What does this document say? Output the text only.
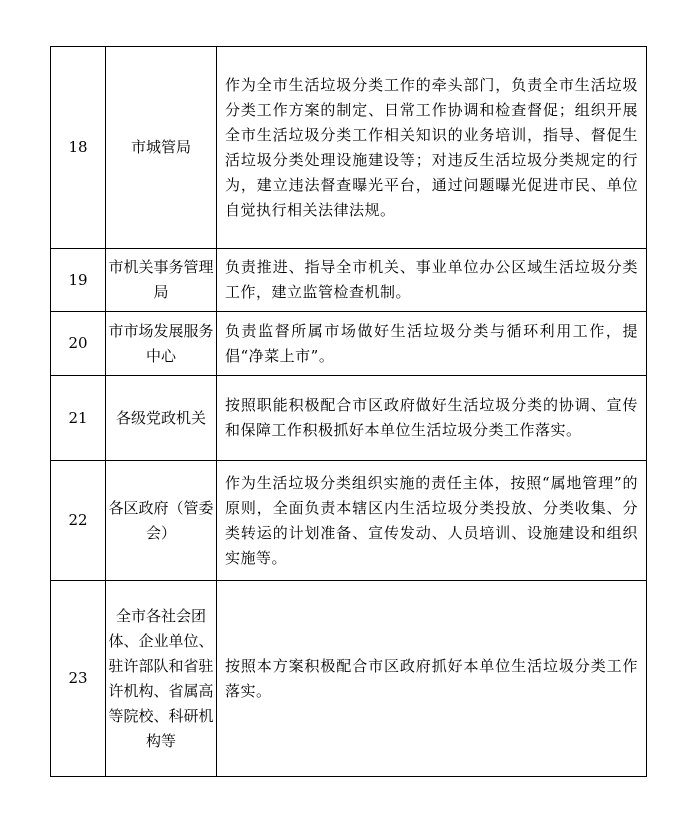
18	市城管局	作为全市生活垃圾分类工作的牵头部门，负责全市生活垃圾分类工作方案的制定、日常工作协调和检查督促；组织开展全市生活垃圾分类工作相关知识的业务培训，指导、督促生活垃圾分类处理设施建设等；对违反生活垃圾分类规定的行为，建立违法督查曝光平台，通过问题曝光促进市民、单位自觉执行相关法律法规。
19	市机关事务管理局	负责推进、指导全市机关、事业单位办公区域生活垃圾分类工作，建立监管检查机制。
20	市市场发展服务中心	负责监督所属市场做好生活垃圾分类与循环利用工作，提倡“净菜上市”。
21	各级党政机关	按照职能积极配合市区政府做好生活垃圾分类的协调、宣传和保障工作积极抓好本单位生活垃圾分类工作落实。
22	各区政府（管委会）	作为生活垃圾分类组织实施的责任主体，按照“属地管理”的原则，全面负责本辖区内生活垃圾分类投放、分类收集、分类转运的计划准备、宣传发动、人员培训、设施建设和组织实施等。
23	全市各社会团体、企业单位、驻许部队和省驻许机构、省属高等院校、科研机构等	按照本方案积极配合市区政府抓好本单位生活垃圾分类工作落实。
